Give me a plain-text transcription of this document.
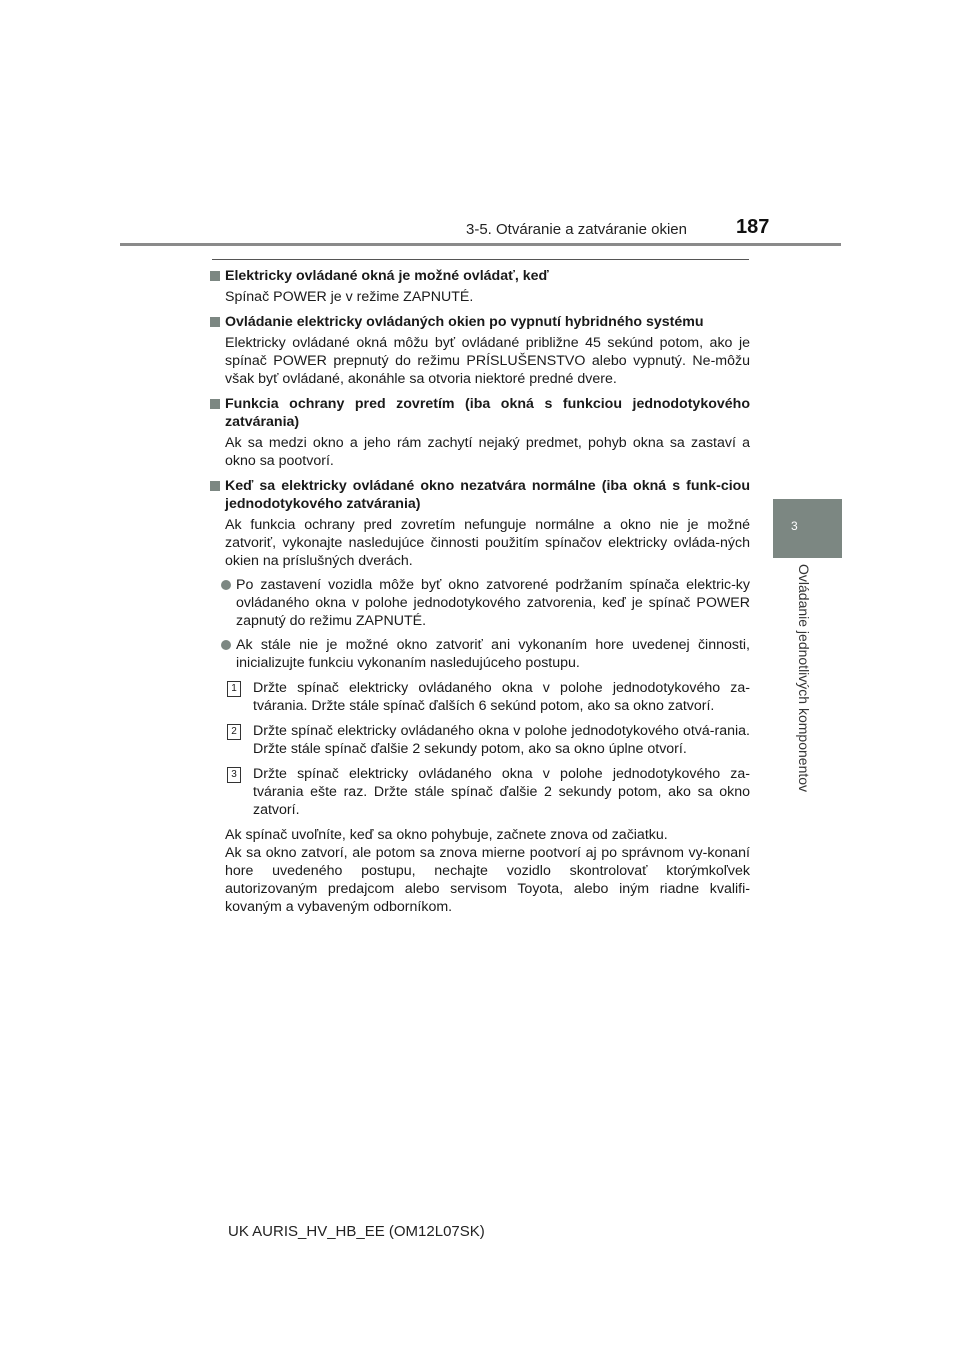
3-5. Otváranie a zatváranie okien 187
3
Ovládanie jednotlivých komponentov
Elektricky ovládané okná je možné ovládať, keď
Spínač POWER je v režime ZAPNUTÉ.
Ovládanie elektricky ovládaných okien po vypnutí hybridného systému
Elektricky ovládané okná môžu byť ovládané približne 45 sekúnd potom, ako je spínač POWER prepnutý do režimu PRÍSLUŠENSTVO alebo vypnutý. Ne-môžu však byť ovládané, akonáhle sa otvoria niektoré predné dvere.
Funkcia ochrany pred zovretím (iba okná s funkciou jednodotykového zatvárania)
Ak sa medzi okno a jeho rám zachytí nejaký predmet, pohyb okna sa zastaví a okno sa pootvorí.
Keď sa elektricky ovládané okno nezatvára normálne (iba okná s funk-ciou jednodotykového zatvárania)
Ak funkcia ochrany pred zovretím nefunguje normálne a okno nie je možné zatvoriť, vykonajte nasledujúce činnosti použitím spínačov elektricky ovláda-ných okien na príslušných dverách.
Po zastavení vozidla môže byť okno zatvorené podržaním spínača elektric-ky ovládaného okna v polohe jednodotykového zatvorenia, keď je spínač POWER zapnutý do režimu ZAPNUTÉ.
Ak stále nie je možné okno zatvoriť ani vykonaním hore uvedenej činnosti, inicializujte funkciu vykonaním nasledujúceho postupu.
1 Držte spínač elektricky ovládaného okna v polohe jednodotykového za-tvárania. Držte stále spínač ďalších 6 sekúnd potom, ako sa okno zatvorí.
2 Držte spínač elektricky ovládaného okna v polohe jednodotykového otvá-rania. Držte stále spínač ďalšie 2 sekundy potom, ako sa okno úplne otvorí.
3 Držte spínač elektricky ovládaného okna v polohe jednodotykového za-tvárania ešte raz. Držte stále spínač ďalšie 2 sekundy potom, ako sa okno zatvorí.
Ak spínač uvoľníte, keď sa okno pohybuje, začnete znova od začiatku.
Ak sa okno zatvorí, ale potom sa znova mierne pootvorí aj po správnom vy-konaní hore uvedeného postupu, nechajte vozidlo skontrolovať ktorýmkoľvek autorizovaným predajcom alebo servisom Toyota, alebo iným riadne kvalifi-kovaným a vybaveným odborníkom.
UK AURIS_HV_HB_EE (OM12L07SK)
